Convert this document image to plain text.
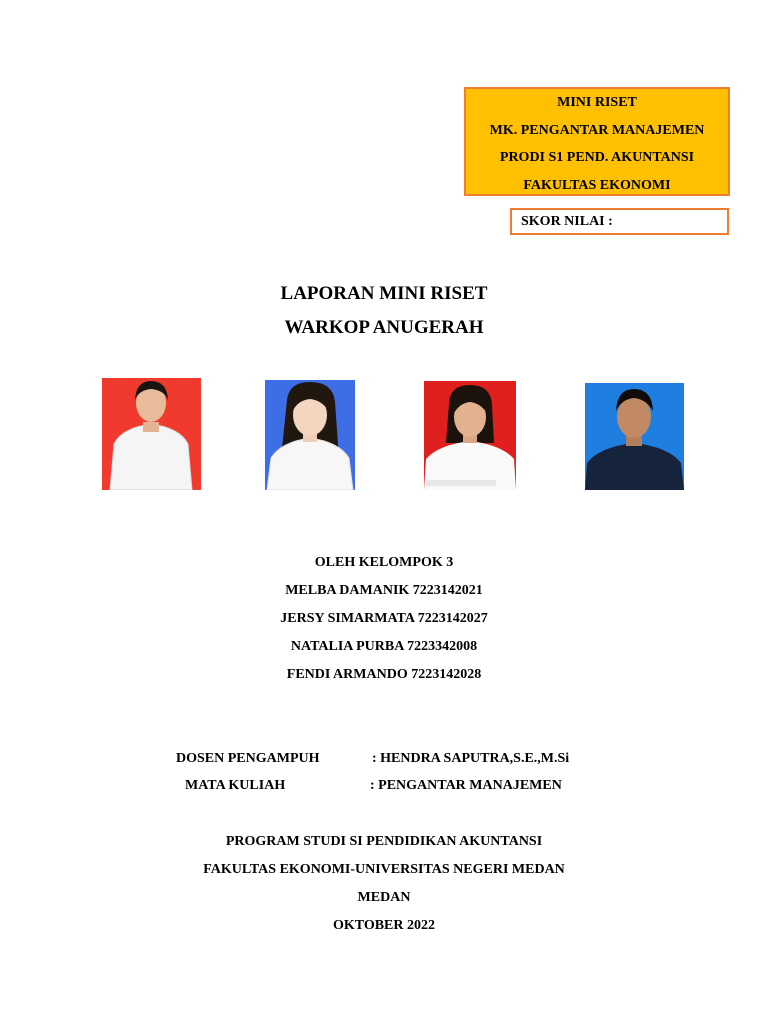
MINI RISET
MK. PENGANTAR MANAJEMEN
PRODI S1 PEND. AKUNTANSI
FAKULTAS EKONOMI
SKOR NILAI :
LAPORAN MINI RISET
WARKOP ANUGERAH
OLEH KELOMPOK 3
MELBA DAMANIK 7223142021
JERSY SIMARMATA 7223142027
NATALIA PURBA 7223342008
FENDI ARMANDO 7223142028
DOSEN PENGAMPUH	: HENDRA SAPUTRA,S.E.,M.Si
MATA KULIAH	: PENGANTAR MANAJEMEN
PROGRAM STUDI SI PENDIDIKAN AKUNTANSI
FAKULTAS EKONOMI-UNIVERSITAS NEGERI MEDAN
MEDAN
OKTOBER 2022
